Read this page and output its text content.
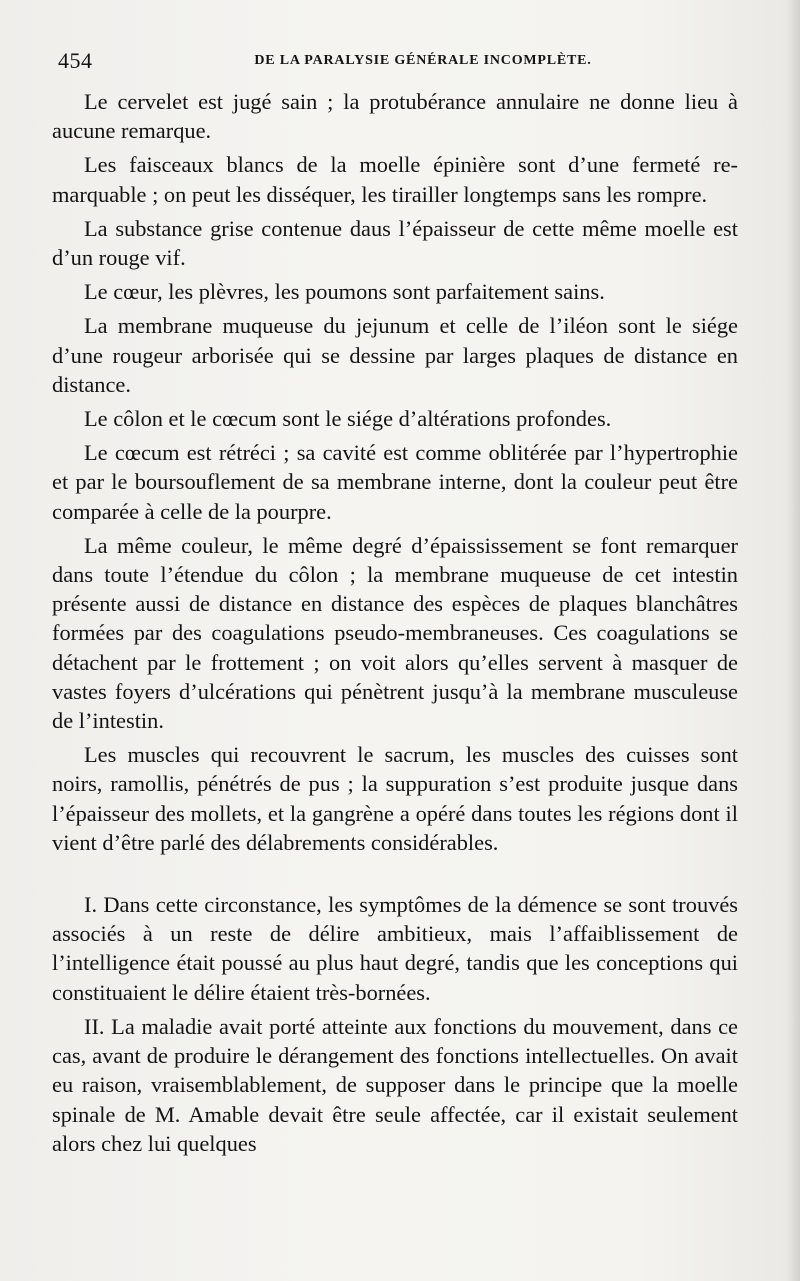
454	DE LA PARALYSIE GÉNÉRALE INCOMPLÈTE.

Le cervelet est jugé sain ; la protubérance annulaire ne donne lieu à aucune remarque.

Les faisceaux blancs de la moelle épinière sont d’une fermeté remarquable ; on peut les disséquer, les tirailler longtemps sans les rompre.

La substance grise contenue daus l’épaisseur de cette même moelle est d’un rouge vif.

Le cœur, les plèvres, les poumons sont parfaitement sains.

La membrane muqueuse du jejunum et celle de l’iléon sont le siége d’une rougeur arborisée qui se dessine par larges plaques de distance en distance.

Le côlon et le cœcum sont le siége d’altérations profondes.

Le cœcum est rétréci ; sa cavité est comme oblitérée par l’hypertrophie et par le boursouflement de sa membrane interne, dont la couleur peut être comparée à celle de la pourpre.

La même couleur, le même degré d’épaississement se font remarquer dans toute l’étendue du côlon ; la membrane muqueuse de cet intestin présente aussi de distance en distance des espèces de plaques blanchâtres formées par des coagulations pseudo-membraneuses. Ces coagulations se détachent par le frottement ; on voit alors qu’elles servent à masquer de vastes foyers d’ulcérations qui pénètrent jusqu’à la membrane musculeuse de l’intestin.

Les muscles qui recouvrent le sacrum, les muscles des cuisses sont noirs, ramollis, pénétrés de pus ; la suppuration s’est produite jusque dans l’épaisseur des mollets, et la gangrène a opéré dans toutes les régions dont il vient d’être parlé des délabrements considérables.

I. Dans cette circonstance, les symptômes de la démence se sont trouvés associés à un reste de délire ambitieux, mais l’affaiblissement de l’intelligence était poussé au plus haut degré, tandis que les conceptions qui constituaient le délire étaient très-bornées.

II. La maladie avait porté atteinte aux fonctions du mouvement, dans ce cas, avant de produire le dérangement des fonctions intellectuelles. On avait eu raison, vraisemblablement, de supposer dans le principe que la moelle spinale de M. Amable devait être seule affectée, car il existait seulement alors chez lui quelques
